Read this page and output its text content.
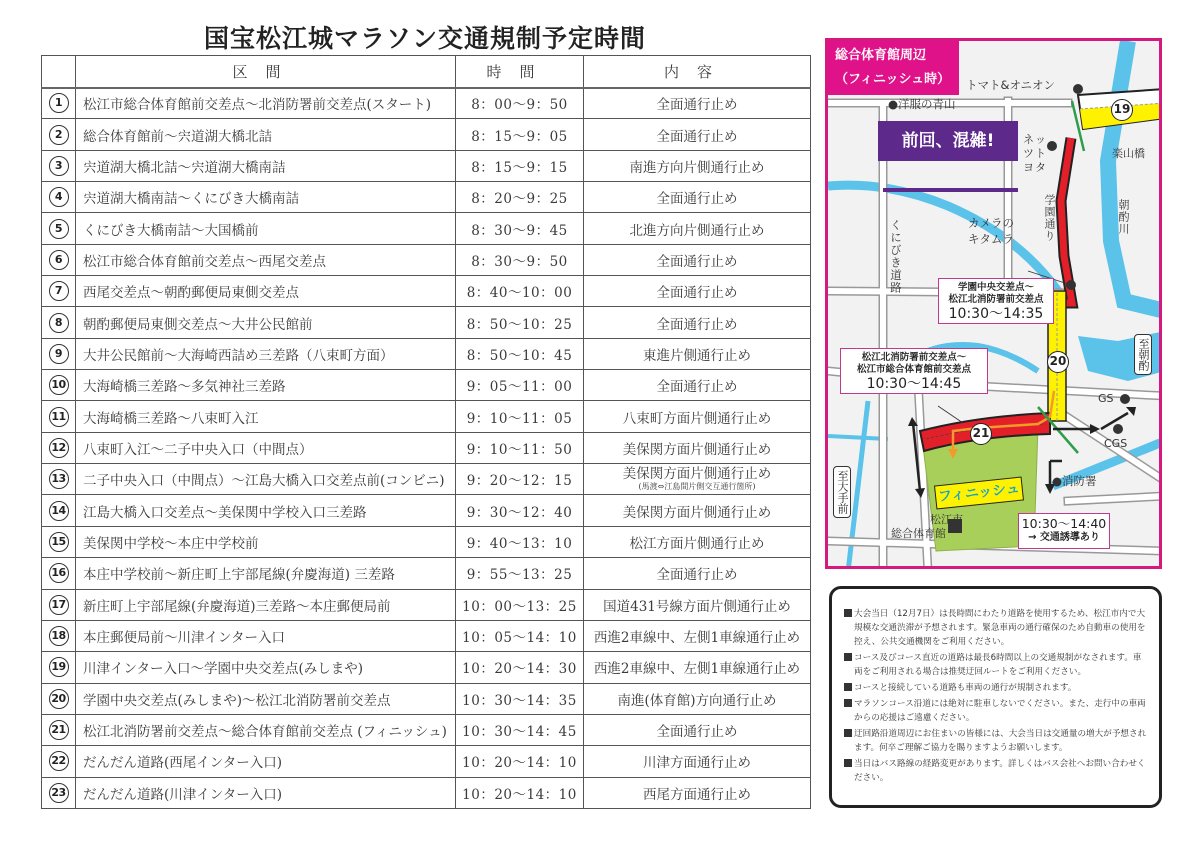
国宝松江城マラソン交通規制予定時間
	区間	時間	内容
1	松江市総合体育館前交差点～北消防署前交差点(スタート)	8：00～9：50	全面通行止め
2	総合体育館前～宍道湖大橋北詰	8：15～9：05	全面通行止め
3	宍道湖大橋北詰～宍道湖大橋南詰	8：15～9：15	南進方向片側通行止め
4	宍道湖大橋南詰～くにびき大橋南詰	8：20～9：25	全面通行止め
5	くにびき大橋南詰～大国橋前	8：30～9：45	北進方向片側通行止め
6	松江市総合体育館前交差点～西尾交差点	8：30～9：50	全面通行止め
7	西尾交差点～朝酌郵便局東側交差点	8：40～10：00	全面通行止め
8	朝酌郵便局東側交差点～大井公民館前	8：50～10：25	全面通行止め
9	大井公民館前～大海崎西詰め三差路（八束町方面）	8：50～10：45	東進片側通行止め
10	大海崎橋三差路～多気神社三差路	9：05～11：00	全面通行止め
11	大海崎橋三差路～八束町入江	9：10～11：05	八束町方面片側通行止め
12	八束町入江～二子中央入口（中間点）	9：10～11：50	美保関方面片側通行止め
13	二子中央入口（中間点）～江島大橋入口交差点前(コンビニ)	9：20～12：15	美保関方面片側通行止め
(馬渡⇔江島間片側交互通行箇所)

14	江島大橋入口交差点～美保関中学校入口三差路	9：30～12：40	美保関方面片側通行止め
15	美保関中学校～本庄中学校前	9：40～13：10	松江方面片側通行止め
16	本庄中学校前～新庄町上宇部尾線(弁慶海道) 三差路	9：55～13：25	全面通行止め
17	新庄町上宇部尾線(弁慶海道)三差路～本庄郵便局前	10：00～13：25	国道431号線方面片側通行止め
18	本庄郵便局前～川津インター入口	10：05～14：10	西進2車線中、左側1車線通行止め
19	川津インター入口～学園中央交差点(みしまや)	10：20～14：30	西進2車線中、左側1車線通行止め
20	学園中央交差点(みしまや)～松江北消防署前交差点	10：30～14：35	南進(体育館)方向通行止め
21	松江北消防署前交差点～総合体育館前交差点 (フィニッシュ)	10：30～14：45	全面通行止め
22	だんだん道路(西尾インター入口)	10：20～14：10	川津方面通行止め
23	だんだん道路(川津インター入口)	10：20～14：10	西尾方面通行止め
総合体育館周辺
（フィニッシュ時）	トマト&オニオン
●洋服の青山
ネッツトヨタ
楽山橋
朝酌川
くにびき道路
学園通り
カメラの
キタムラ
GS
CGS
●消防署
松江市
総合体育館
至朝酌
至大手前
前回、混雑!
学園中央交差点～
松江北消防署前交差点
10:30～14:35
松江北消防署前交差点～
松江市総合体育館前交差点
10:30～14:45
10:30～14:40
→ 交通誘導あり
フィニッシュ
19
20
21
大会当日（12月7日）は長時間にわたり道路を使用するため、松江市内で大規模な交通渋滞が予想されます。緊急車両の通行確保のため自動車の使用を控え、公共交通機関をご利用ください。
コース及びコース直近の道路は最長6時間以上の交通規制がなされます。車両をご利用される場合は推奨迂回ルートをご利用ください。
コースと接続している道路も車両の通行が規制されます。
マラソンコース沿道には絶対に駐車しないでください。また、走行中の車両からの応援はご遠慮ください。
迂回路沿道周辺にお住まいの皆様には、大会当日は交通量の増大が予想されます。何卒ご理解ご協力を賜りますようお願いします。
当日はバス路線の経路変更があります。詳しくはバス会社へお問い合わせください。
